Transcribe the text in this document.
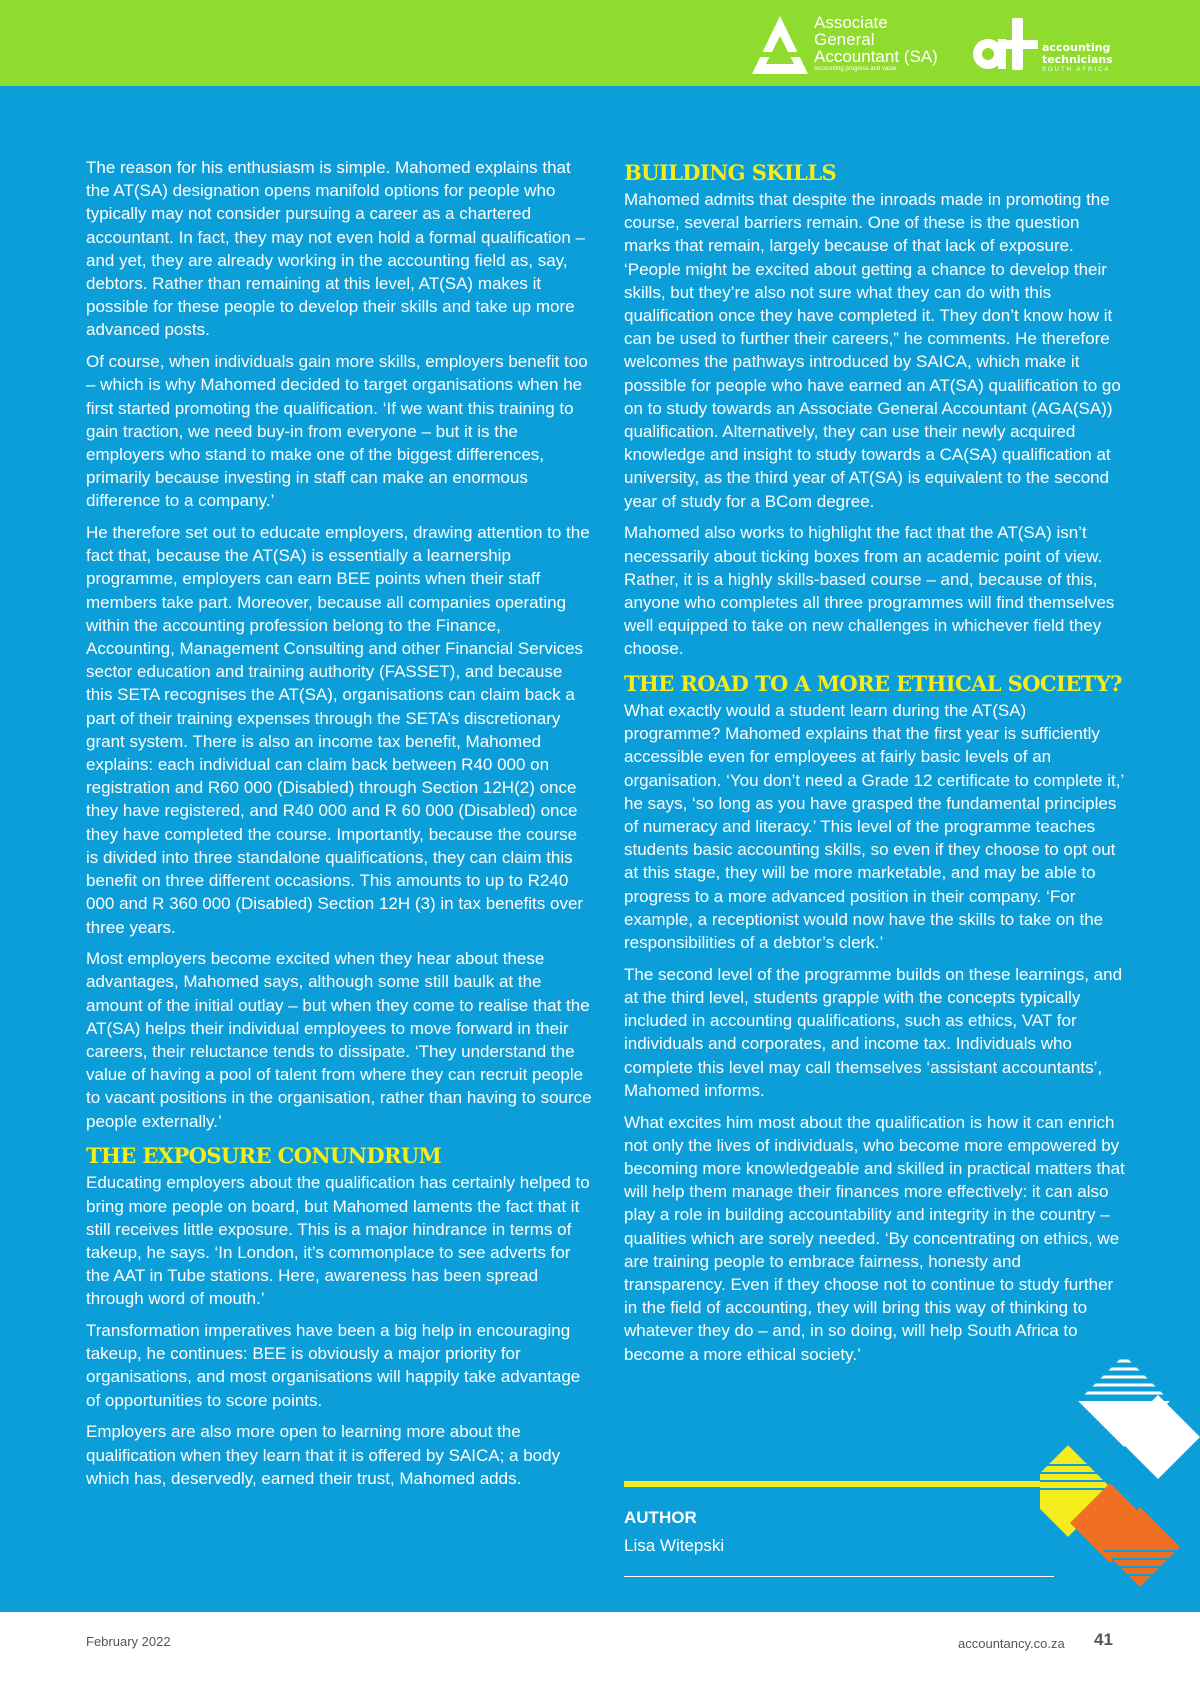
Associate
General
Accountant (SA)
Accounting progress and value.
accounting
technicians
SOUTH AFRICA

The reason for his enthusiasm is simple. Mahomed explains that the AT(SA) designation opens manifold options for people who typically may not consider pursuing a career as a chartered accountant. In fact, they may not even hold a formal qualification – and yet, they are already working in the accounting field as, say, debtors. Rather than remaining at this level, AT(SA) makes it possible for these people to develop their skills and take up more advanced posts.

Of course, when individuals gain more skills, employers benefit too – which is why Mahomed decided to target organisations when he first started promoting the qualification. ‘If we want this training to gain traction, we need buy-in from everyone – but it is the employers who stand to make one of the biggest differences, primarily because investing in staff can make an enormous difference to a company.’

He therefore set out to educate employers, drawing attention to the fact that, because the AT(SA) is essentially a learnership programme, employers can earn BEE points when their staff members take part. Moreover, because all companies operating within the accounting profession belong to the Finance, Accounting, Management Consulting and other Financial Services sector education and training authority (FASSET), and because this SETA recognises the AT(SA), organisations can claim back a part of their training expenses through the SETA’s discretionary grant system. There is also an income tax benefit, Mahomed explains: each individual can claim back between R40 000 on registration and R60 000 (Disabled) through Section 12H(2) once they have registered, and R40 000 and R 60 000 (Disabled) once they have completed the course. Importantly, because the course is divided into three standalone qualifications, they can claim this benefit on three different occasions. This amounts to up to R240 000 and R 360 000 (Disabled) Section 12H (3) in tax benefits over three years.

Most employers become excited when they hear about these advantages, Mahomed says, although some still baulk at the amount of the initial outlay – but when they come to realise that the AT(SA) helps their individual employees to move forward in their careers, their reluctance tends to dissipate. ‘They understand the value of having a pool of talent from where they can recruit people to vacant positions in the organisation, rather than having to source people externally.’

THE EXPOSURE CONUNDRUM

Educating employers about the qualification has certainly helped to bring more people on board, but Mahomed laments the fact that it still receives little exposure. This is a major hindrance in terms of takeup, he says. ‘In London, it’s commonplace to see adverts for the AAT in Tube stations. Here, awareness has been spread through word of mouth.’

Transformation imperatives have been a big help in encouraging takeup, he continues: BEE is obviously a major priority for organisations, and most organisations will happily take advantage of opportunities to score points.

Employers are also more open to learning more about the qualification when they learn that it is offered by SAICA; a body which has, deservedly, earned their trust, Mahomed adds.

BUILDING SKILLS

Mahomed admits that despite the inroads made in promoting the course, several barriers remain. One of these is the question marks that remain, largely because of that lack of exposure. ‘People might be excited about getting a chance to develop their skills, but they’re also not sure what they can do with this qualification once they have completed it. They don’t know how it can be used to further their careers,” he comments. He therefore welcomes the pathways introduced by SAICA, which make it possible for people who have earned an AT(SA) qualification to go on to study towards an Associate General Accountant (AGA(SA)) qualification. Alternatively, they can use their newly acquired knowledge and insight to study towards a CA(SA) qualification at university, as the third year of AT(SA) is equivalent to the second year of study for a BCom degree.

Mahomed also works to highlight the fact that the AT(SA) isn’t necessarily about ticking boxes from an academic point of view. Rather, it is a highly skills-based course – and, because of this, anyone who completes all three programmes will find themselves well equipped to take on new challenges in whichever field they choose.

THE ROAD TO A MORE ETHICAL SOCIETY?

What exactly would a student learn during the AT(SA) programme? Mahomed explains that the first year is sufficiently accessible even for employees at fairly basic levels of an organisation. ‘You don’t need a Grade 12 certificate to complete it,’ he says, ‘so long as you have grasped the fundamental principles of numeracy and literacy.’ This level of the programme teaches students basic accounting skills, so even if they choose to opt out at this stage, they will be more marketable, and may be able to progress to a more advanced position in their company. ‘For example, a receptionist would now have the skills to take on the responsibilities of a debtor’s clerk.’

The second level of the programme builds on these learnings, and at the third level, students grapple with the concepts typically included in accounting qualifications, such as ethics, VAT for individuals and corporates, and income tax. Individuals who complete this level may call themselves ‘assistant accountants’, Mahomed informs.

What excites him most about the qualification is how it can enrich not only the lives of individuals, who become more empowered by becoming more knowledgeable and skilled in practical matters that will help them manage their finances more effectively: it can also play a role in building accountability and integrity in the country – qualities which are sorely needed. ‘By concentrating on ethics, we are training people to embrace fairness, honesty and transparency. Even if they choose not to continue to study further in the field of accounting, they will bring this way of thinking to whatever they do – and, in so doing, will help South Africa to become a more ethical society.’

AUTHOR
Lisa Witepski
February 2022	accountancy.co.za 41
